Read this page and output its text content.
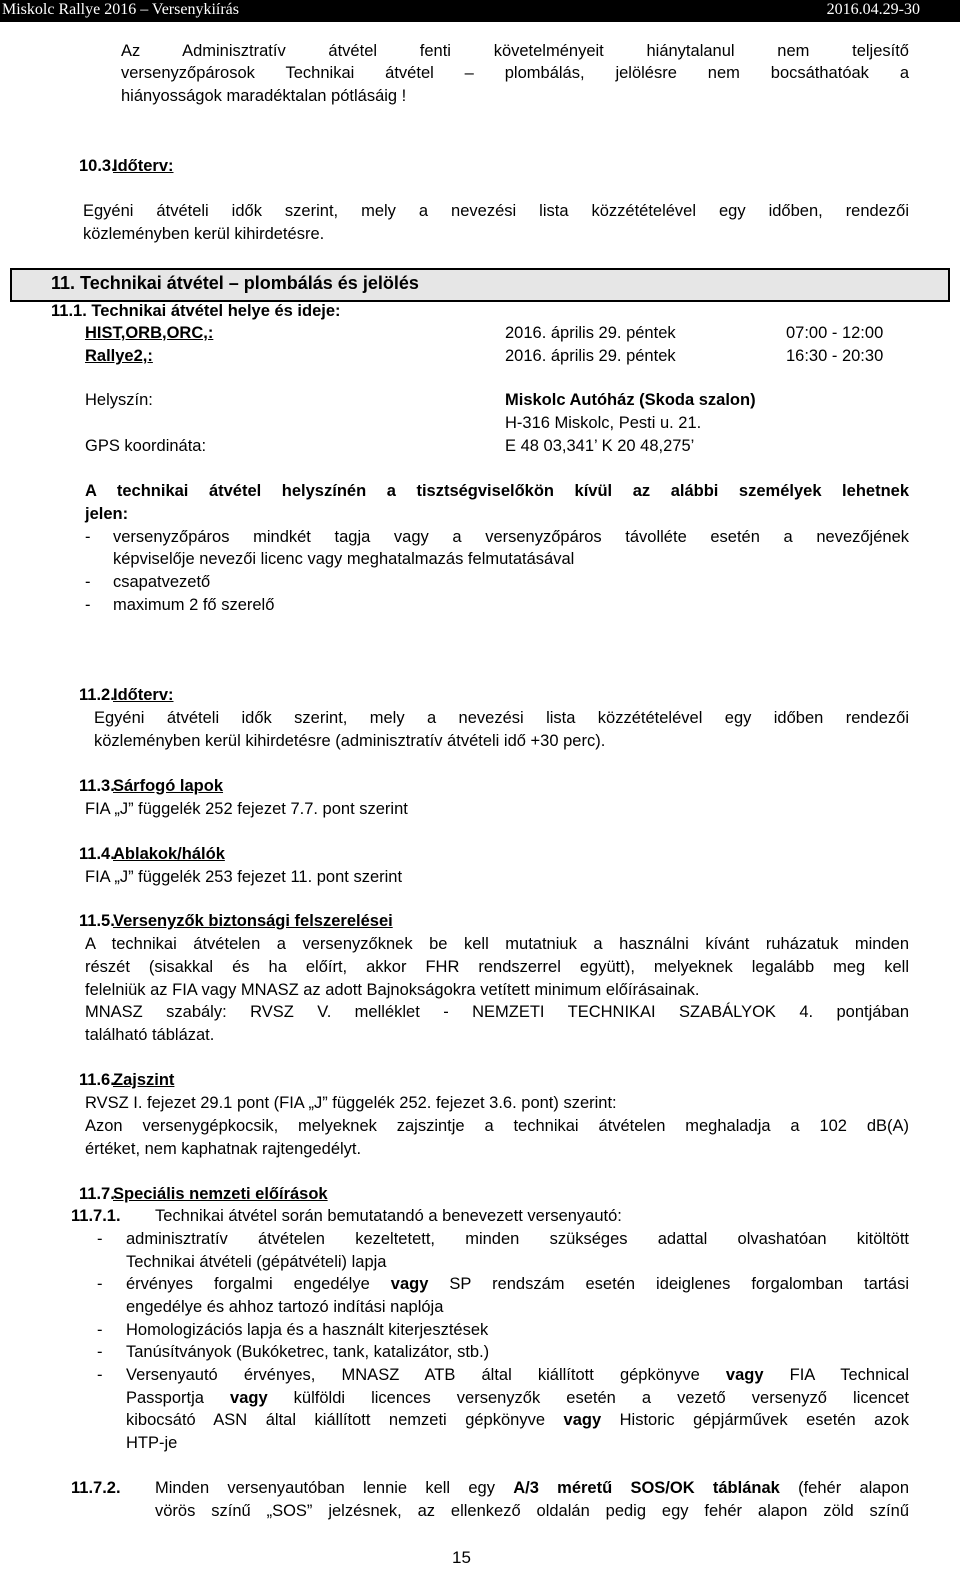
Miskolc Rallye 2016 – Versenykiírás	2016.04.29-30
Az Adminisztratív átvétel fenti követelményeit hiánytalanul nem teljesítő
versenyzőpárosok Technikai átvétel – plombálás, jelölésre nem bocsáthatóak a
hiányosságok maradéktalan pótlásáig !
10.3.
Időterv:
Egyéni átvételi idők szerint, mely a nevezési lista közzétételével egy időben, rendezői
közleményben kerül kihirdetésre.
11. Technikai átvétel – plombálás és jelölés
11.1. Technikai átvétel helye és ideje:
HIST,ORB,ORC,:	2016. április 29. péntek	07:00 - 12:00
Rallye2,:	2016. április 29. péntek	16:30 - 20:30
Helyszín:	Miskolc Autóház (Skoda szalon)
H-316 Miskolc, Pesti u. 21.
GPS koordináta:	E 48 03,341’ K 20 48,275’
A technikai átvétel helyszínén a tisztségviselőkön kívül az alábbi személyek lehetnek
jelen:
- versenyzőpáros mindkét tagja vagy a versenyzőpáros távolléte esetén a nevezőjének
képviselője nevezői licenc vagy meghatalmazás felmutatásával
- csapatvezető
- maximum 2 fő szerelő
11.2.
Időterv:
Egyéni átvételi idők szerint, mely a nevezési lista közzétételével egy időben rendezői
közleményben kerül kihirdetésre (adminisztratív átvételi idő +30 perc).
11.3.
Sárfogó lapok
FIA „J” függelék 252 fejezet 7.7. pont szerint
11.4.
Ablakok/hálók
FIA „J” függelék 253 fejezet 11. pont szerint
11.5.
Versenyzők biztonsági felszerelései
A technikai átvételen a versenyzőknek be kell mutatniuk a használni kívánt ruházatuk minden
részét (sisakkal és ha előírt, akkor FHR rendszerrel együtt), melyeknek legalább meg kell
felelniük az FIA vagy MNASZ az adott Bajnokságokra vetített minimum előírásainak.
MNASZ szabály: RVSZ V. melléklet - NEMZETI TECHNIKAI SZABÁLYOK 4. pontjában
található táblázat.
11.6.
Zajszint
RVSZ I. fejezet 29.1 pont (FIA „J” függelék 252. fejezet 3.6. pont) szerint:
Azon versenygépkocsik, melyeknek zajszintje a technikai átvételen meghaladja a 102 dB(A)
értéket, nem kaphatnak rajtengedélyt.
11.7.
Speciális nemzeti előírások
11.7.1. Technikai átvétel során bemutatandó a benevezett versenyautó:
- adminisztratív átvételen kezeltetett, minden szükséges adattal olvashatóan kitöltött
Technikai átvételi (gépátvételi) lapja
- érvényes forgalmi engedélye vagy SP rendszám esetén ideiglenes forgalomban tartási
engedélye és ahhoz tartozó indítási naplója
- Homologizációs lapja és a használt kiterjesztések
- Tanúsítványok (Bukóketrec, tank, katalizátor, stb.)
- Versenyautó érvényes, MNASZ ATB által kiállított gépkönyve vagy FIA Technical
Passportja vagy külföldi licences versenyzők esetén a vezető versenyző licencet
kibocsátó ASN által kiállított nemzeti gépkönyve vagy Historic gépjárművek esetén azok
HTP-je
11.7.2. Minden versenyautóban lennie kell egy A/3 méretű SOS/OK táblának (fehér alapon
vörös színű „SOS” jelzésnek, az ellenkező oldalán pedig egy fehér alapon zöld színű
15
